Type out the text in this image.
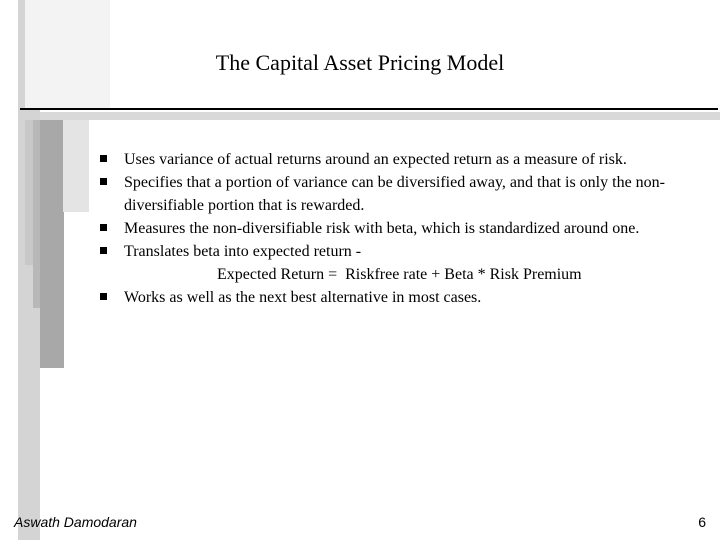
The Capital Asset Pricing Model
Uses variance of actual returns around an expected return as a measure of risk.
Specifies that a portion of variance can be diversified away, and that is only the non-diversifiable portion that is rewarded.
Measures the non-diversifiable risk with beta, which is standardized around one.
Translates beta into expected return -
Expected Return =  Riskfree rate + Beta * Risk Premium
Works as well as the next best alternative in most cases.
Aswath Damodaran	6
